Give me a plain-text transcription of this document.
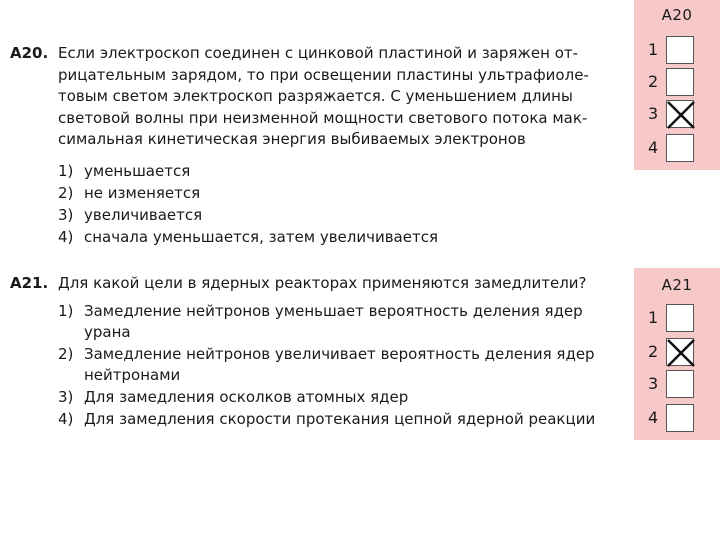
А20. Если электроскоп соединен с цинковой пластиной и заряжен от-
рицательным зарядом, то при освещении пластины ультрафиоле-
товым светом электроскоп разряжается. С уменьшением длины
световой волны при неизменной мощности светового потока мак-
симальная кинетическая энергия выбиваемых электронов
1) уменьшается
2) не изменяется
3) увеличивается
4) сначала уменьшается, затем увеличивается
А21. Для какой цели в ядерных реакторах применяются замедлители?
1) Замедление нейтронов уменьшает вероятность деления ядер
урана
2) Замедление нейтронов увеличивает вероятность деления ядер
нейтронами
3) Для замедления осколков атомных ядер
4) Для замедления скорости протекания цепной ядерной реакции
А20
1
2
3
4
А21
1
2
3
4
